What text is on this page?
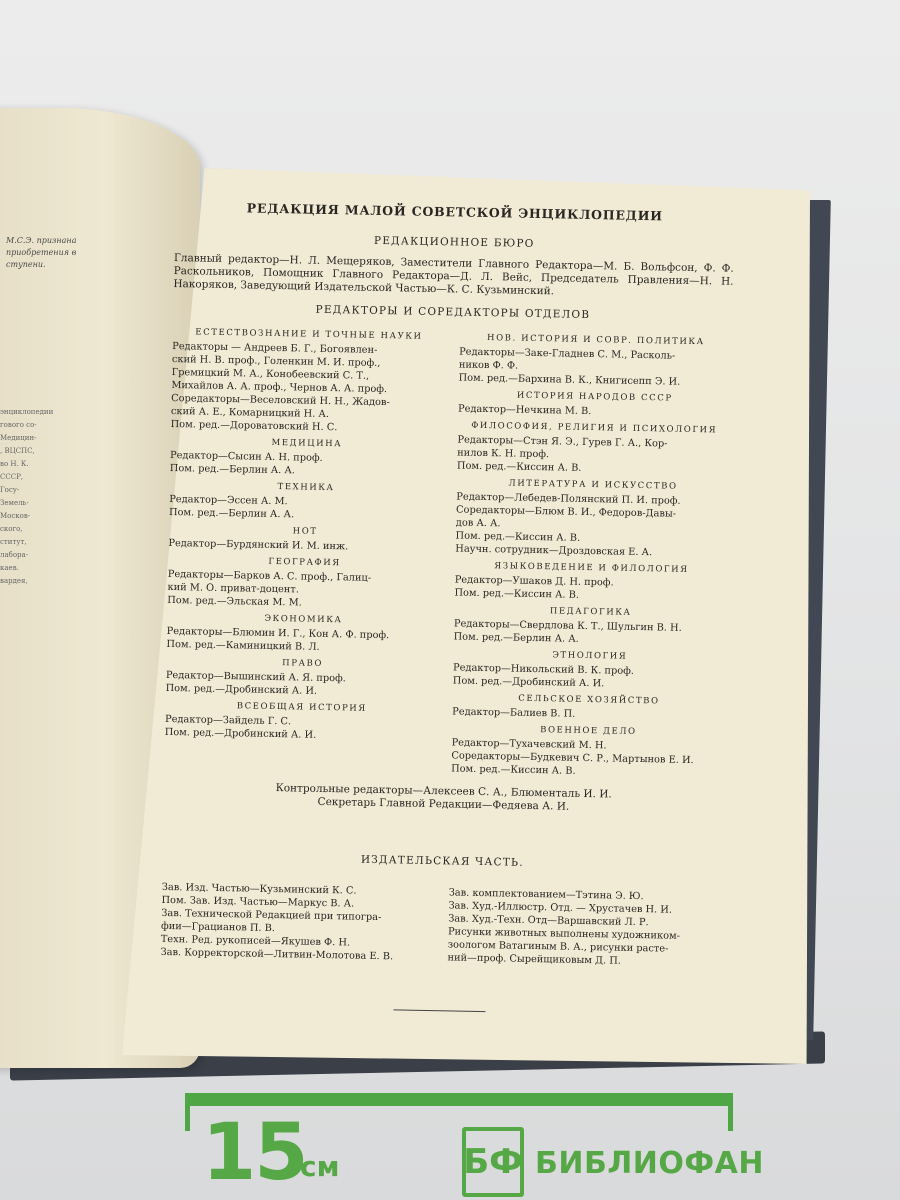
М.С.Э. признана
приобретения в
ступени.
энциклопедии
гового со-
Медицин-
, ВЦСПС,
во Н. К.
СССР,
Госу-
Земель-
Москов-
ского,
ститут,
лабора-
каев.
вардея,
РЕДАКЦИЯ МАЛОЙ СОВЕТСКОЙ ЭНЦИКЛОПЕДИИ
РЕДАКЦИОННОЕ БЮРО
Главный редактор—Н. Л. Мещеряков, Заместители Главного Редактора—М. Б. Вольфсон, Ф. Ф. Раскольников, Помощник Главного Редактора—Д. Л. Вейс, Председатель Правления—Н. Н. Накоряков, Заведующий Издательской Частью—К. С. Кузьминский.
РЕДАКТОРЫ И СОРЕДАКТОРЫ ОТДЕЛОВ
ЕСТЕСТВОЗНАНИЕ И ТОЧНЫЕ НАУКИ
Редакторы — Андреев Б. Г., Богоявлен-
ский Н. В. проф., Голенкин М. И. проф.,
Гремицкий М. А., Конобеевский С. Т.,
Михайлов А. А. проф., Чернов А. А. проф.
Соредакторы—Веселовский Н. Н., Жадов-
ский А. Е., Комарницкий Н. А.
Пом. ред.—Дороватовский Н. С.
МЕДИЦИНА
Редактор—Сысин А. Н. проф.
Пом. ред.—Берлин А. А.
ТЕХНИКА
Редактор—Эссен А. М.
Пом. ред.—Берлин А. А.
НОТ
Редактор—Бурдянский И. М. инж.
ГЕОГРАФИЯ
Редакторы—Барков А. С. проф., Галиц-
кий М. О. приват-доцент.
Пом. ред.—Эльская М. М.
ЭКОНОМИКА
Редакторы—Блюмин И. Г., Кон А. Ф. проф.
Пом. ред.—Каминицкий В. Л.
ПРАВО
Редактор—Вышинский А. Я. проф.
Пом. ред.—Дробинский А. И.
ВСЕОБЩАЯ ИСТОРИЯ
Редактор—Зайдель Г. С.
Пом. ред.—Дробинский А. И.
НОВ. ИСТОРИЯ И СОВР. ПОЛИТИКА
Редакторы—Заке-Гладнев С. М., Расколь-
ников Ф. Ф.
Пом. ред.—Бархина В. К., Книгисепп Э. И.
ИСТОРИЯ НАРОДОВ СССР
Редактор—Нечкина М. В.
ФИЛОСОФИЯ, РЕЛИГИЯ И ПСИХОЛОГИЯ
Редакторы—Стэн Я. Э., Гурев Г. А., Кор-
нилов К. Н. проф.
Пом. ред.—Киссин А. В.
ЛИТЕРАТУРА И ИСКУССТВО
Редактор—Лебедев-Полянский П. И. проф.
Соредакторы—Блюм В. И., Федоров-Давы-
дов А. А.
Пом. ред.—Киссин А. В.
Научн. сотрудник—Дроздовская Е. А.
ЯЗЫКОВЕДЕНИЕ И ФИЛОЛОГИЯ
Редактор—Ушаков Д. Н. проф.
Пом. ред.—Киссин А. В.
ПЕДАГОГИКА
Редакторы—Свердлова К. Т., Шульгин В. Н.
Пом. ред.—Берлин А. А.
ЭТНОЛОГИЯ
Редактор—Никольский В. К. проф.
Пом. ред.—Дробинский А. И.
СЕЛЬСКОЕ ХОЗЯЙСТВО
Редактор—Балиев В. П.
ВОЕННОЕ ДЕЛО
Редактор—Тухачевский М. Н.
Соредакторы—Будкевич С. Р., Мартынов Е. И.
Пом. ред.—Киссин А. В.
Контрольные редакторы—Алексеев С. А., Блюменталь И. И.
Секретарь Главной Редакции—Федяева А. И.
ИЗДАТЕЛЬСКАЯ ЧАСТЬ.
Зав. Изд. Частью—Кузьминский К. С.
Пом. Зав. Изд. Частью—Маркус В. А.
Зав. Технической Редакцией при типогра-
фии—Грацианов П. В.
Техн. Ред. рукописей—Якушев Ф. Н.
Зав. Корректорской—Литвин-Молотова Е. В.
Зав. комплектованием—Тэтина Э. Ю.
Зав. Худ.-Иллюстр. Отд. — Хрустачев Н. И.
Зав. Худ.-Техн. Отд—Варшавский Л. Р.
Рисунки животных выполнены художником-
зоологом Ватагиным В. А., рисунки расте-
ний—проф. Сырейщиковым Д. П.
15
см	БФ БИБЛИОФАН
